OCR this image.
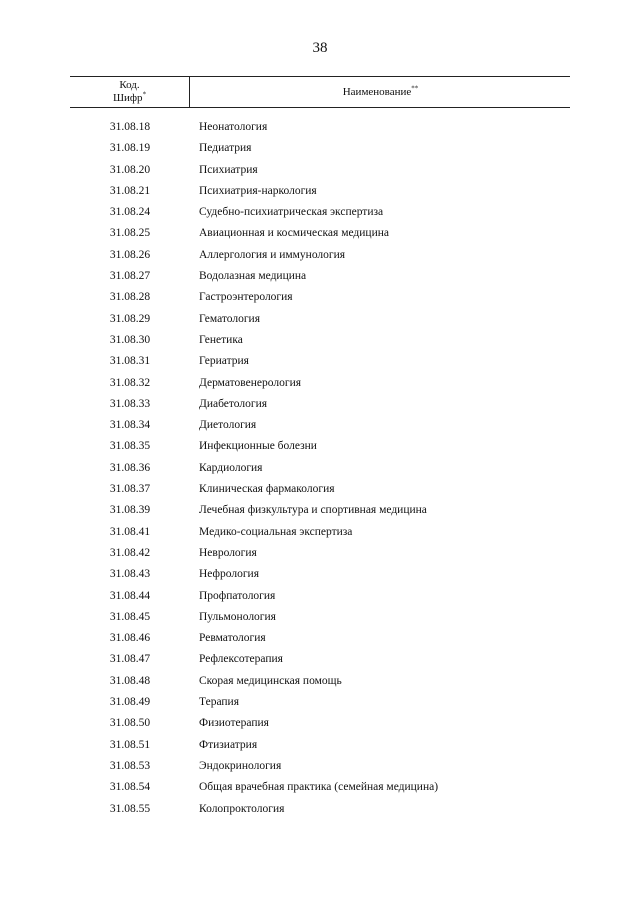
38
Код.
Шифр*	Наименование**
31.08.18	Неонатология
31.08.19	Педиатрия
31.08.20	Психиатрия
31.08.21	Психиатрия-наркология
31.08.24	Судебно-психиатрическая экспертиза
31.08.25	Авиационная и космическая медицина
31.08.26	Аллергология и иммунология
31.08.27	Водолазная медицина
31.08.28	Гастроэнтерология
31.08.29	Гематология
31.08.30	Генетика
31.08.31	Гериатрия
31.08.32	Дерматовенерология
31.08.33	Диабетология
31.08.34	Диетология
31.08.35	Инфекционные болезни
31.08.36	Кардиология
31.08.37	Клиническая фармакология
31.08.39	Лечебная физкультура и спортивная медицина
31.08.41	Медико-социальная экспертиза
31.08.42	Неврология
31.08.43	Нефрология
31.08.44	Профпатология
31.08.45	Пульмонология
31.08.46	Ревматология
31.08.47	Рефлексотерапия
31.08.48	Скорая медицинская помощь
31.08.49	Терапия
31.08.50	Физиотерапия
31.08.51	Фтизиатрия
31.08.53	Эндокринология
31.08.54	Общая врачебная практика (семейная медицина)
31.08.55	Колопроктология
